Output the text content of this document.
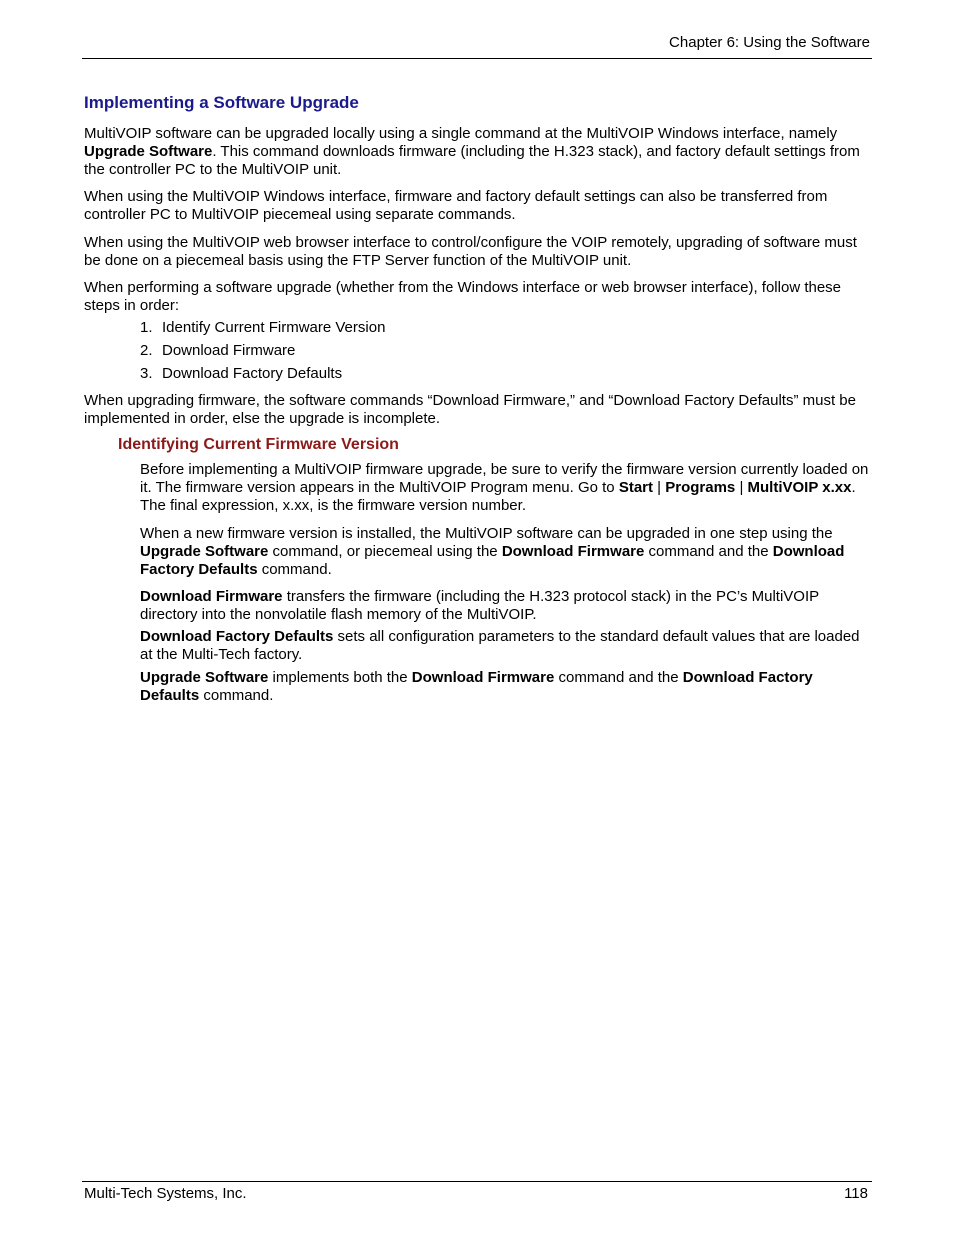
Chapter 6: Using the Software
Implementing a Software Upgrade

MultiVOIP software can be upgraded locally using a single command at the MultiVOIP Windows interface, namely Upgrade Software. This command downloads firmware (including the H.323 stack), and factory default settings from the controller PC to the MultiVOIP unit.

When using the MultiVOIP Windows interface, firmware and factory default settings can also be transferred from controller PC to MultiVOIP piecemeal using separate commands.

When using the MultiVOIP web browser interface to control/configure the VOIP remotely, upgrading of software must be done on a piecemeal basis using the FTP Server function of the MultiVOIP unit.

When performing a software upgrade (whether from the Windows interface or web browser interface), follow these steps in order:

1. Identify Current Firmware Version
2. Download Firmware
3. Download Factory Defaults

When upgrading firmware, the software commands “Download Firmware,” and “Download Factory Defaults” must be implemented in order, else the upgrade is incomplete.

Identifying Current Firmware Version

Before implementing a MultiVOIP firmware upgrade, be sure to verify the firmware version currently loaded on it. The firmware version appears in the MultiVOIP Program menu. Go to Start | Programs | MultiVOIP x.xx. The final expression, x.xx, is the firmware version number.

When a new firmware version is installed, the MultiVOIP software can be upgraded in one step using the Upgrade Software command, or piecemeal using the Download Firmware command and the Download Factory Defaults command.

Download Firmware transfers the firmware (including the H.323 protocol stack) in the PC’s MultiVOIP directory into the nonvolatile flash memory of the MultiVOIP.

Download Factory Defaults sets all configuration parameters to the standard default values that are loaded at the Multi-Tech factory.

Upgrade Software implements both the Download Firmware command and the Download Factory Defaults command.

Multi-Tech Systems, Inc.	118
